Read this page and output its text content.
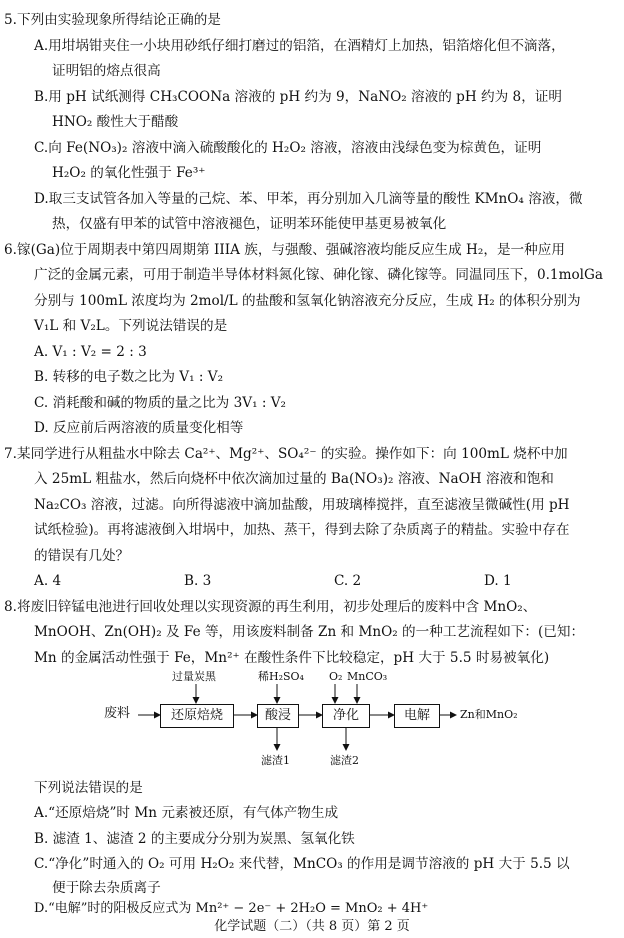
5.下列由实验现象所得结论正确的是
A.用坩埚钳夹住一小块用砂纸仔细打磨过的铝箔，在酒精灯上加热，铝箔熔化但不滴落，
证明铝的熔点很高
B.用 pH 试纸测得 CH₃COONa 溶液的 pH 约为 9，NaNO₂ 溶液的 pH 约为 8，证明
HNO₂ 酸性大于醋酸
C.向 Fe(NO₃)₂ 溶液中滴入硫酸酸化的 H₂O₂ 溶液，溶液由浅绿色变为棕黄色，证明
H₂O₂ 的氧化性强于 Fe³⁺
D.取三支试管各加入等量的己烷、苯、甲苯，再分别加入几滴等量的酸性 KMnO₄ 溶液，微
热，仅盛有甲苯的试管中溶液褪色，证明苯环能使甲基更易被氧化
6.镓(Ga)位于周期表中第四周期第 IIIA 族，与强酸、强碱溶液均能反应生成 H₂，是一种应用
广泛的金属元素，可用于制造半导体材料氮化镓、砷化镓、磷化镓等。同温同压下，0.1molGa
分别与 100mL 浓度均为 2mol/L 的盐酸和氢氧化钠溶液充分反应，生成 H₂ 的体积分别为
V₁L 和 V₂L。下列说法错误的是
A. V₁ : V₂ = 2 : 3
B. 转移的电子数之比为 V₁ : V₂
C. 消耗酸和碱的物质的量之比为 3V₁ : V₂
D. 反应前后两溶液的质量变化相等
7.某同学进行从粗盐水中除去 Ca²⁺、Mg²⁺、SO₄²⁻ 的实验。操作如下：向 100mL 烧杯中加
入 25mL 粗盐水，然后向烧杯中依次滴加过量的 Ba(NO₃)₂ 溶液、NaOH 溶液和饱和
Na₂CO₃ 溶液，过滤。向所得滤液中滴加盐酸，用玻璃棒搅拌，直至滤液呈微碱性(用 pH
试纸检验)。再将滤液倒入坩埚中，加热、蒸干，得到去除了杂质离子的精盐。实验中存在
的错误有几处？
A. 4	B. 3	C. 2	D. 1
8.将废旧锌锰电池进行回收处理以实现资源的再生利用，初步处理后的废料中含 MnO₂、
MnOOH、Zn(OH)₂ 及 Fe 等，用该废料制备 Zn 和 MnO₂ 的一种工艺流程如下：(已知：
Mn 的金属活动性强于 Fe，Mn²⁺ 在酸性条件下比较稳定，pH 大于 5.5 时易被氧化)
废料	还原焙烧	酸浸	净化	电解	Zn和MnO₂
过量炭黑	稀H₂SO₄ O₂ MnCO₃
滤渣1	滤渣2
下列说法错误的是
A.“还原焙烧”时 Mn 元素被还原，有气体产物生成
B. 滤渣 1、滤渣 2 的主要成分分别为炭黑、氢氧化铁
C.“净化”时通入的 O₂ 可用 H₂O₂ 来代替，MnCO₃ 的作用是调节溶液的 pH 大于 5.5 以
便于除去杂质离子
化学试题（二）（共 8 页）第 2 页
D.“电解”时的阳极反应式为 Mn²⁺ − 2e⁻ + 2H₂O = MnO₂ + 4H⁺
